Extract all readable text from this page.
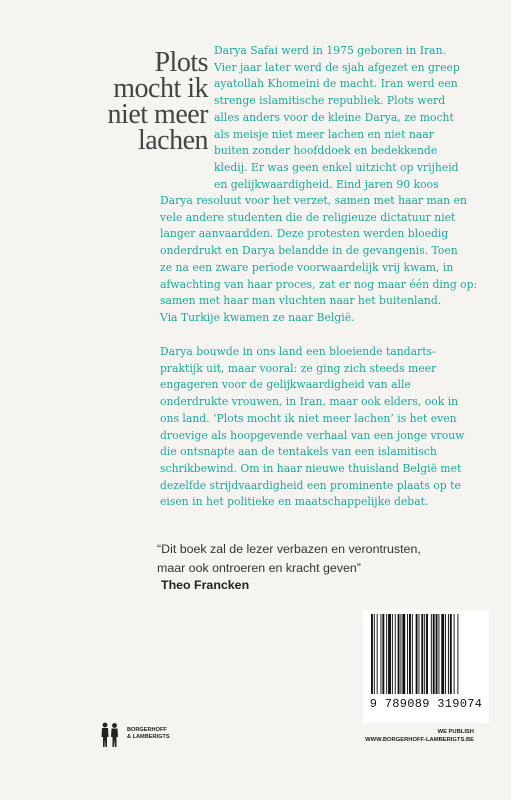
Plots
mocht ik
niet meer
lachen
Darya Safai werd in 1975 geboren in Iran.
Vier jaar later werd de sjah afgezet en greep
ayatollah Khomeini de macht. Iran werd een
strenge islamitische republiek. Plots werd
alles anders voor de kleine Darya, ze mocht
als meisje niet meer lachen en niet naar
buiten zonder hoofddoek en bedekkende
kledij. Er was geen enkel uitzicht op vrijheid
en gelijkwaardigheid. Eind jaren 90 koos
Darya resoluut voor het verzet, samen met haar man en
vele andere studenten die de religieuze dictatuur niet
langer aanvaardden. Deze protesten werden bloedig
onderdrukt en Darya belandde in de gevangenis. Toen
ze na een zware periode voorwaardelijk vrij kwam, in
afwachting van haar proces, zat er nog maar één ding op:
samen met haar man vluchten naar het buitenland.
Via Turkije kwamen ze naar België.
Darya bouwde in ons land een bloeiende tandarts-
praktijk uit, maar vooral: ze ging zich steeds meer
engageren voor de gelijkwaardigheid van alle
onderdrukte vrouwen, in Iran, maar ook elders, ook in
ons land. ‘Plots mocht ik niet meer lachen’ is het even
droevige als hoopgevende verhaal van een jonge vrouw
die ontsnapte aan de tentakels van een islamitisch
schrikbewind. Om in haar nieuwe thuisland België met
dezelfde strijdvaardigheid een prominente plaats op te
eisen in het politieke en maatschappelijke debat.
“Dit boek zal de lezer verbazen en verontrusten,
maar ook ontroeren en kracht geven”
Theo Francken
9 789089 319074
BORGERHOFF
& LAMBERIGTS
WE PUBLISH
WWW.BORGERHOFF-LAMBERIGTS.BE
